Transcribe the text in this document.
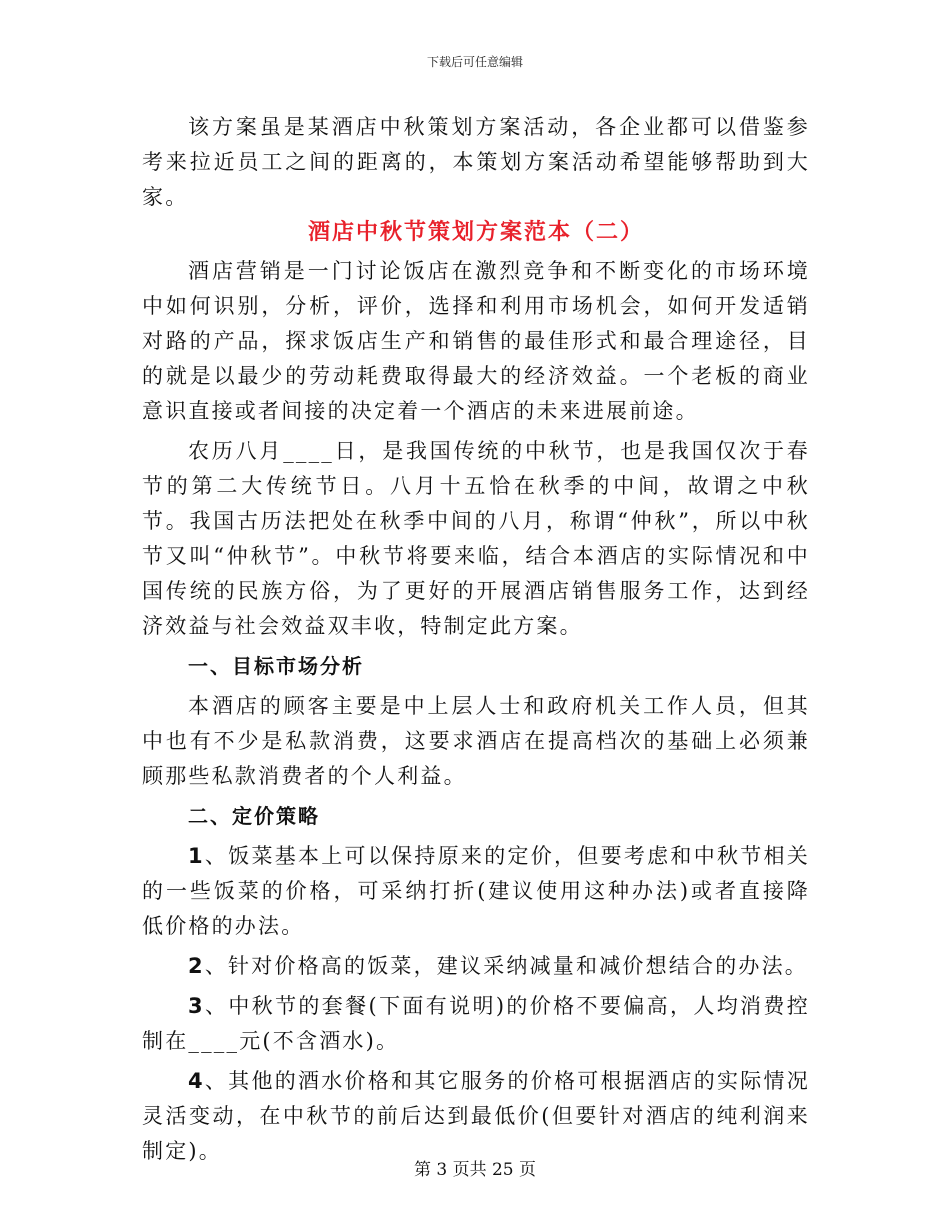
下载后可任意编辑

该方案虽是某酒店中秋策划方案活动，各企业都可以借鉴参考来拉近员工之间的距离的，本策划方案活动希望能够帮助到大家。

酒店中秋节策划方案范本（二）

酒店营销是一门讨论饭店在激烈竞争和不断变化的市场环境中如何识别，分析，评价，选择和利用市场机会，如何开发适销对路的产品，探求饭店生产和销售的最佳形式和最合理途径，目的就是以最少的劳动耗费取得最大的经济效益。一个老板的商业意识直接或者间接的决定着一个酒店的未来进展前途。

农历八月____日，是我国传统的中秋节，也是我国仅次于春节的第二大传统节日。八月十五恰在秋季的中间，故谓之中秋节。我国古历法把处在秋季中间的八月，称谓“仲秋”，所以中秋节又叫“仲秋节”。中秋节将要来临，结合本酒店的实际情况和中国传统的民族方俗，为了更好的开展酒店销售服务工作，达到经济效益与社会效益双丰收，特制定此方案。

一、目标市场分析

本酒店的顾客主要是中上层人士和政府机关工作人员，但其中也有不少是私款消费，这要求酒店在提高档次的基础上必须兼顾那些私款消费者的个人利益。

二、定价策略

1、饭菜基本上可以保持原来的定价，但要考虑和中秋节相关的一些饭菜的价格，可采纳打折(建议使用这种办法)或者直接降低价格的办法。

2、针对价格高的饭菜，建议采纳减量和减价想结合的办法。

3、中秋节的套餐(下面有说明)的价格不要偏高，人均消费控制在____元(不含酒水)。

4、其他的酒水价格和其它服务的价格可根据酒店的实际情况灵活变动，在中秋节的前后达到最低价(但要针对酒店的纯利润来制定)。

第 3 页共 25 页
